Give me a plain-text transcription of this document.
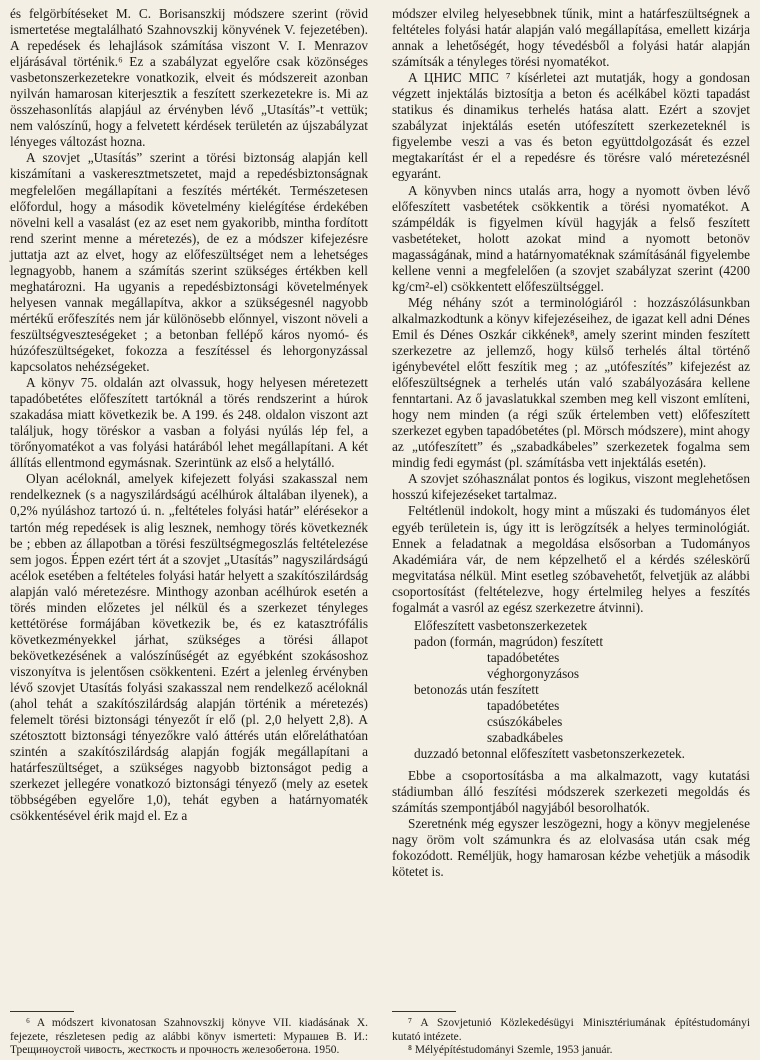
és felgörbítéseket M. C. Borisanszkij módszere szerint (rövid ismertetése megtalálható Szahnovszkij könyvének V. fejezetében). A repedések és lehajlások számítása viszont V. I. Menrazov eljárásával történik.⁶ Ez a szabályzat egyelőre csak közönséges vasbetonszerkezetekre vonatkozik, elveit és módszereit azonban nyilván hamarosan kiterjesztik a feszített szerkezetekre is. Mi az összehasonlítás alapjául az érvényben lévő „Utasítás”-t vettük; nem valószínű, hogy a felvetett kérdések területén az újszabályzat lényeges változást hozna.

A szovjet „Utasítás” szerint a törési biztonság alapján kell kiszámítani a vaskeresztmetszetet, majd a repedésbiztonságnak megfelelően megállapítani a feszítés mértékét. Természetesen előfordul, hogy a második követelmény kielégítése érdekében növelni kell a vasalást (ez az eset nem gyakoribb, mintha fordított rend szerint menne a méretezés), de ez a módszer kifejezésre juttatja azt az elvet, hogy az előfeszültséget nem a lehetséges legnagyobb, hanem a számítás szerint szükséges értékben kell meghatározni. Ha ugyanis a repedésbiztonsági követelmények helyesen vannak megállapítva, akkor a szükségesnél nagyobb mértékű erőfeszítés nem jár különösebb előnnyel, viszont növeli a feszültségveszteségeket ; a betonban fellépő káros nyomó- és húzófeszültségeket, fokozza a feszítéssel és lehorgonyzással kapcsolatos nehézségeket.

A könyv 75. oldalán azt olvassuk, hogy helyesen méretezett tapadóbetétes előfeszített tartóknál a törés rendszerint a húrok szakadása miatt következik be. A 199. és 248. oldalon viszont azt találjuk, hogy töréskor a vasban a folyási nyúlás lép fel, a törőnyomatékot a vas folyási határából lehet megállapítani. A két állítás ellentmond egymásnak. Szerintünk az első a helytálló.

Olyan acéloknál, amelyek kifejezett folyási szakasszal nem rendelkeznek (s a nagyszilárdságú acélhúrok általában ilyenek), a 0,2% nyúláshoz tartozó ú. n. „feltételes folyási határ” elérésekor a tartón még repedések is alig lesznek, nemhogy törés következnék be ; ebben az állapotban a törési feszültségmegoszlás feltételezése sem jogos. Éppen ezért tért át a szovjet „Utasítás” nagyszilárdságú acélok esetében a feltételes folyási határ helyett a szakítószilárdság alapján való méretezésre. Minthogy azonban acélhúrok esetén a törés minden előzetes jel nélkül és a szerkezet tényleges kettétörése formájában következik be, és ez katasztrófális következményekkel járhat, szükséges a törési állapot bekövetkezésének a valószínűségét az egyébként szokásoshoz viszonyítva is jelentősen csökkenteni. Ezért a jelenleg érvényben lévő szovjet Utasítás folyási szakasszal nem rendelkező acéloknál (ahol tehát a szakítószilárdság alapján történik a méretezés) felemelt törési biztonsági tényezőt ír elő (pl. 2,0 helyett 2,8). A szétosztott biztonsági tényezőkre való áttérés után előreláthatóan szintén a szakítószilárdság alapján fogják megállapítani a határfeszültséget, a szükséges nagyobb biztonságot pedig a szerkezet jellegére vonatkozó biztonsági tényező (mely az esetek többségében egyelőre 1,0), tehát egyben a határnyomaték csökkentésével érik majd el. Ez a

⁶ A módszert kivonatosan Szahnovszkij könyve VII. kiadásának X. fejezete, részletesen pedig az alábbi könyv ismerteti: Мурашев В. И.: Трещиноустой чивость, жесткость и прочность железобетона. 1950.

módszer elvileg helyesebbnek tűnik, mint a határfeszültségnek a feltételes folyási határ alapján való megállapítása, emellett kizárja annak a lehetőségét, hogy tévedésből a folyási határ alapján számítsák a tényleges törési nyomatékot.

A ЦНИС МПС ⁷ kísérletei azt mutatják, hogy a gondosan végzett injektálás biztosítja a beton és acélkábel közti tapadást statikus és dinamikus terhelés hatása alatt. Ezért a szovjet szabályzat injektálás esetén utófeszített szerkezeteknél is figyelembe veszi a vas és beton együttdolgozását és ezzel megtakarítást ér el a repedésre és törésre való méretezésnél egyaránt.

A könyvben nincs utalás arra, hogy a nyomott övben lévő előfeszített vasbetétek csökkentik a törési nyomatékot. A számpéldák is figyelmen kívül hagyják a felső feszített vasbetéteket, holott azokat mind a nyomott betonöv magasságának, mind a határnyomatéknak számításánál figyelembe kellene venni a megfelelően (a szovjet szabályzat szerint (4200 kg/cm²-el) csökkentett előfeszültséggel.

Még néhány szót a terminológiáról : hozzászólásunkban alkalmazkodtunk a könyv kifejezéseihez, de igazat kell adni Dénes Emil és Dénes Oszkár cikkének⁸, amely szerint minden feszített szerkezetre az jellemző, hogy külső terhelés által történő igénybevétel előtt feszítik meg ; az „utófeszítés” kifejezést az előfeszültségnek a terhelés után való szabályozására kellene fenntartani. Az ő javaslatukkal szemben meg kell viszont említeni, hogy nem minden (a régi szűk értelemben vett) előfeszített szerkezet egyben tapadóbetétes (pl. Mörsch módszere), mint ahogy az „utófeszített” és „szabadkábeles” szerkezetek fogalma sem mindig fedi egymást (pl. számításba vett injektálás esetén).

A szovjet szóhasználat pontos és logikus, viszont meglehetősen hosszú kifejezéseket tartalmaz.

Feltétlenül indokolt, hogy mint a műszaki és tudományos élet egyéb területein is, úgy itt is lerögzítsék a helyes terminológiát. Ennek a feladatnak a megoldása elsősorban a Tudományos Akadémiára vár, de nem képzelhető el a kérdés széleskörű megvitatása nélkül. Mint esetleg szóbavehetőt, felvetjük az alábbi csoportosítást (feltételezve, hogy értelmileg helyes a feszítés fogalmát a vasról az egész szerkezetre átvinni).

Előfeszített vasbetonszerkezetek
padon (formán, magrúdon) feszített
tapadóbetétes
véghorgonyzásos
betonozás után feszített
tapadóbetétes
csúszókábeles
szabadkábeles
duzzadó betonnal előfeszített vasbetonszerkezetek.

Ebbe a csoportosításba a ma alkalmazott, vagy kutatási stádiumban álló feszítési módszerek szerkezeti megoldás és számítás szempontjából nagyjából besorolhatók.

Szeretnénk még egyszer leszögezni, hogy a könyv megjelenése nagy öröm volt számunkra és az elolvasása után csak még fokozódott. Reméljük, hogy hamarosan kézbe vehetjük a második kötetet is.

⁷ A Szovjetunió Közlekedésügyi Minisztériumának építéstudományi kutató intézete.

⁸ Mélyépítéstudományi Szemle, 1953 január.
